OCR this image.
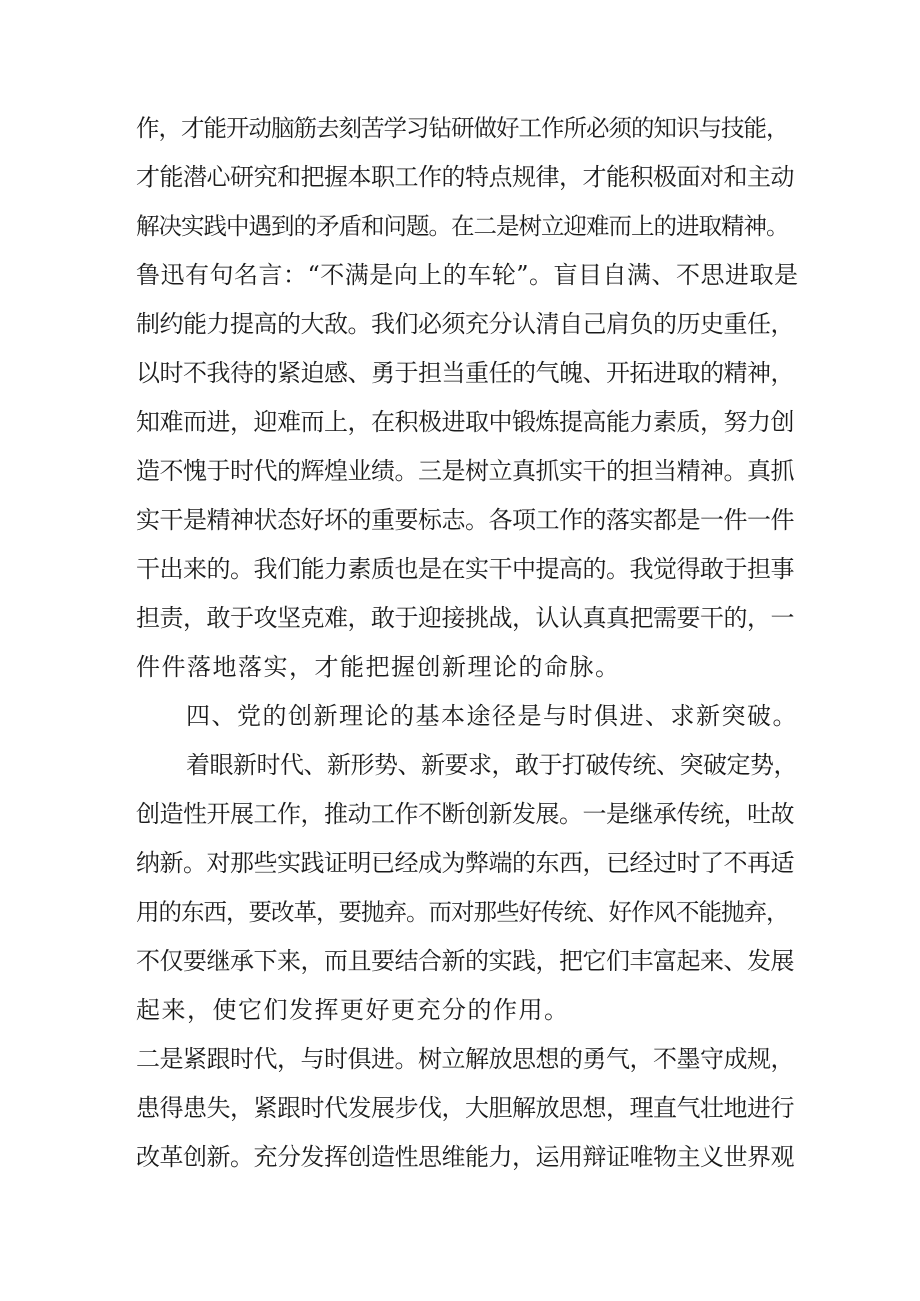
作，才能开动脑筋去刻苦学习钻研做好工作所必须的知识与技能，
才能潜心研究和把握本职工作的特点规律，才能积极面对和主动
解决实践中遇到的矛盾和问题。在二是树立迎难而上的进取精神。
鲁迅有句名言：“不满是向上的车轮”。盲目自满、不思进取是
制约能力提高的大敌。我们必须充分认清自己肩负的历史重任，
以时不我待的紧迫感、勇于担当重任的气魄、开拓进取的精神，
知难而进，迎难而上，在积极进取中锻炼提高能力素质，努力创
造不愧于时代的辉煌业绩。三是树立真抓实干的担当精神。真抓
实干是精神状态好坏的重要标志。各项工作的落实都是一件一件
干出来的。我们能力素质也是在实干中提高的。我觉得敢于担事
担责，敢于攻坚克难，敢于迎接挑战，认认真真把需要干的，一
件件落地落实，才能把握创新理论的命脉。
四、党的创新理论的基本途径是与时俱进、求新突破。
着眼新时代、新形势、新要求，敢于打破传统、突破定势，
创造性开展工作，推动工作不断创新发展。一是继承传统，吐故
纳新。对那些实践证明已经成为弊端的东西，已经过时了不再适
用的东西，要改革，要抛弃。而对那些好传统、好作风不能抛弃，
不仅要继承下来，而且要结合新的实践，把它们丰富起来、发展
起来，使它们发挥更好更充分的作用。
二是紧跟时代，与时俱进。树立解放思想的勇气，不墨守成规，
患得患失，紧跟时代发展步伐，大胆解放思想，理直气壮地进行
改革创新。充分发挥创造性思维能力，运用辩证唯物主义世界观
